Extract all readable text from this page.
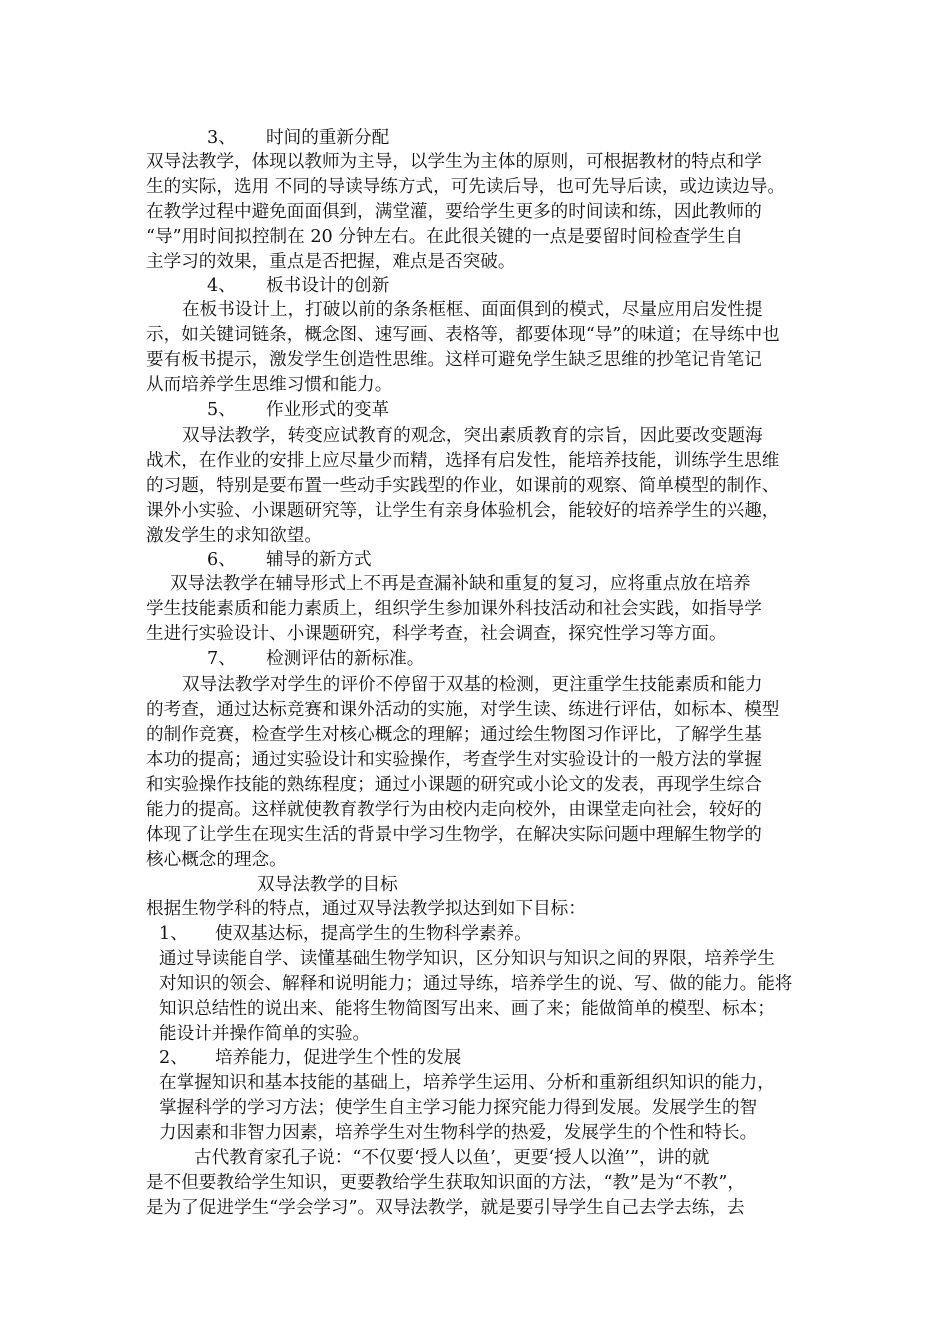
3、 时间的重新分配
双导法教学，体现以教师为主导，以学生为主体的原则，可根据教材的特点和学
生的实际，选用 不同的导读导练方式，可先读后导，也可先导后读，或边读边导。
在教学过程中避免面面俱到，满堂灌，要给学生更多的时间读和练，因此教师的
“导”用时间拟控制在 20 分钟左右。在此很关键的一点是要留时间检查学生自
主学习的效果，重点是否把握，难点是否突破。
4、 板书设计的创新
在板书设计上，打破以前的条条框框、面面俱到的模式，尽量应用启发性提
示，如关键词链条，概念图、速写画、表格等，都要体现“导”的味道；在导练中也
要有板书提示，激发学生创造性思维。这样可避免学生缺乏思维的抄笔记肯笔记
从而培养学生思维习惯和能力。
5、 作业形式的变革
双导法教学，转变应试教育的观念，突出素质教育的宗旨，因此要改变题海
战术，在作业的安排上应尽量少而精，选择有启发性，能培养技能，训练学生思维
的习题，特别是要布置一些动手实践型的作业，如课前的观察、简单模型的制作、
课外小实验、小课题研究等，让学生有亲身体验机会，能较好的培养学生的兴趣，
激发学生的求知欲望。
6、 辅导的新方式
双导法教学在辅导形式上不再是查漏补缺和重复的复习，应将重点放在培养
学生技能素质和能力素质上，组织学生参加课外科技活动和社会实践，如指导学
生进行实验设计、小课题研究，科学考查，社会调查，探究性学习等方面。
7、 检测评估的新标准。
双导法教学对学生的评价不停留于双基的检测，更注重学生技能素质和能力
的考查，通过达标竞赛和课外活动的实施，对学生读、练进行评估，如标本、模型
的制作竞赛，检查学生对核心概念的理解；通过绘生物图习作评比，了解学生基
本功的提高；通过实验设计和实验操作，考查学生对实验设计的一般方法的掌握
和实验操作技能的熟练程度；通过小课题的研究或小论文的发表，再现学生综合
能力的提高。这样就使教育教学行为由校内走向校外，由课堂走向社会，较好的
体现了让学生在现实生活的背景中学习生物学，在解决实际问题中理解生物学的
核心概念的理念。
双导法教学的目标
根据生物学科的特点，通过双导法教学拟达到如下目标：
1、 使双基达标，提高学生的生物科学素养。
通过导读能自学、读懂基础生物学知识，区分知识与知识之间的界限，培养学生
对知识的领会、解释和说明能力；通过导练，培养学生的说、写、做的能力。能将
知识总结性的说出来、能将生物简图写出来、画了来；能做简单的模型、标本；
能设计并操作简单的实验。
2、 培养能力，促进学生个性的发展
在掌握知识和基本技能的基础上，培养学生运用、分析和重新组织知识的能力，
掌握科学的学习方法；使学生自主学习能力探究能力得到发展。发展学生的智
力因素和非智力因素，培养学生对生物科学的热爱，发展学生的个性和特长。
古代教育家孔子说：“不仅要‘授人以鱼’，更要‘授人以渔’”，讲的就
是不但要教给学生知识，更要教给学生获取知识面的方法，“教”是为“不教”，
是为了促进学生“学会学习”。双导法教学，就是要引导学生自己去学去练，去
